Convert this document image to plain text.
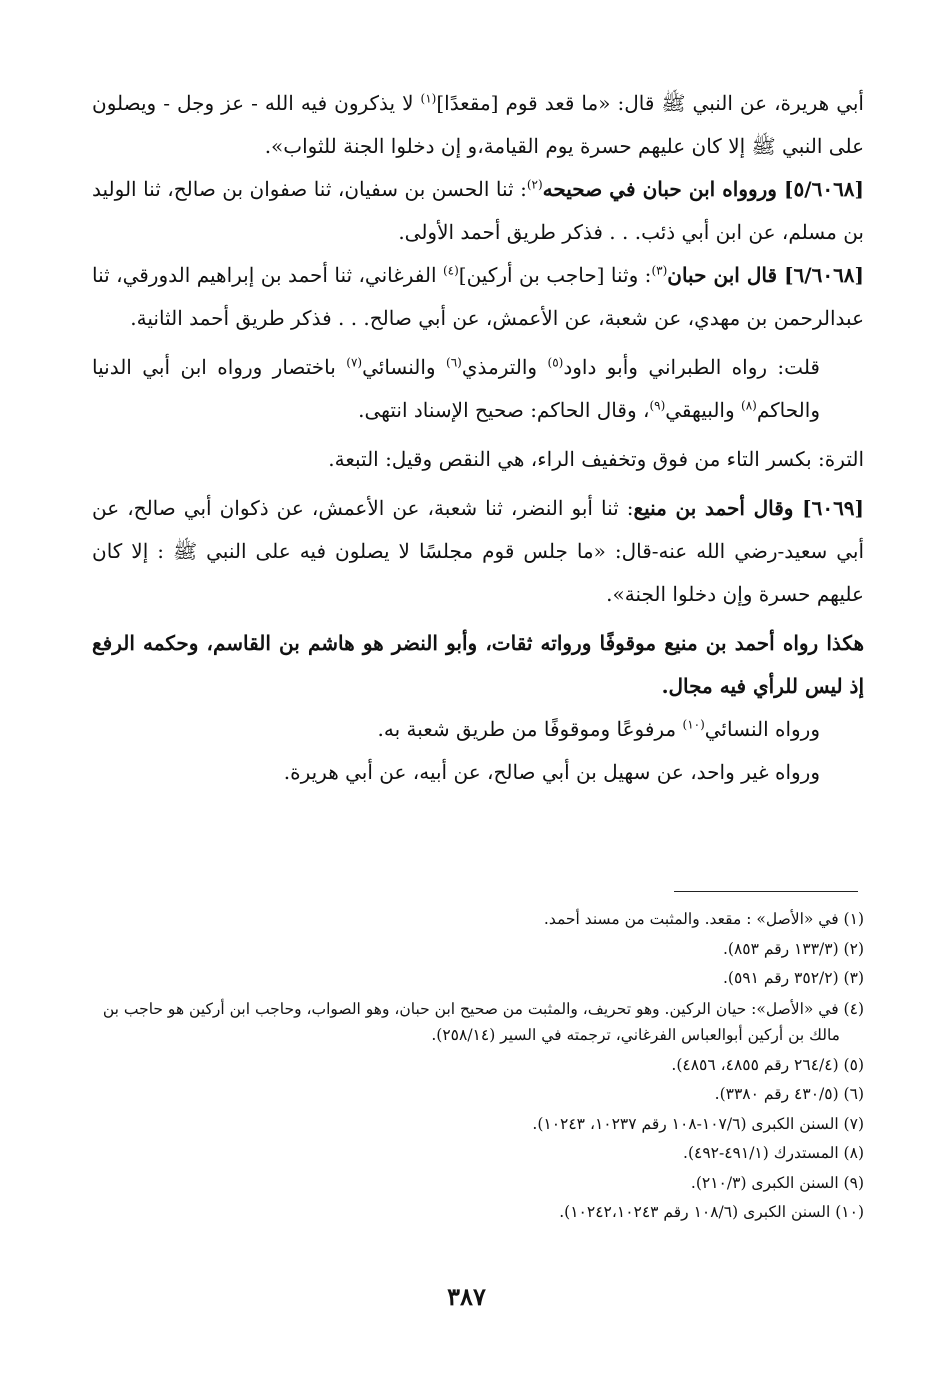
أبي هريرة، عن النبي ﷺ قال: «ما قعد قوم [مقعدًا]$^{(١)}$ لا يذكرون فيه الله - عز وجل - ويصلون على النبي ﷺ إلا كان عليهم حسرة يوم القيامة،و إن دخلوا الجنة للثواب».

[٥/٦٠٦٨] وروواه ابن حبان في صحيحه$^{(٢)}$: ثنا الحسن بن سفيان، ثنا صفوان بن صالح، ثنا الوليد بن مسلم، عن ابن أبي ذئب. . . فذكر طريق أحمد الأولى.

[٦/٦٠٦٨] قال ابن حبان$^{(٣)}$: وثنا [حاجب بن أركين]$^{(٤)}$ الفرغاني، ثنا أحمد بن إبراهيم الدورقي، ثنا عبدالرحمن بن مهدي، عن شعبة، عن الأعمش، عن أبي صالح. . . فذكر طريق أحمد الثانية.

قلت: رواه الطبراني وأبو داود$^{(٥)}$ والترمذي$^{(٦)}$ والنسائي$^{(٧)}$ باختصار ورواه ابن أبي الدنيا والحاكم$^{(٨)}$ والبيهقي$^{(٩)}$، وقال الحاكم: صحيح الإسناد انتهى.

الترة: بكسر التاء من فوق وتخفيف الراء، هي النقص وقيل: التبعة.

[٦٠٦٩] وقال أحمد بن منيع: ثنا أبو النضر، ثنا شعبة، عن الأعمش، عن ذكوان أبي صالح، عن أبي سعيد-رضي الله عنه-قال: «ما جلس قوم مجلسًا لا يصلون فيه على النبي ﷺ : إلا كان عليهم حسرة وإن دخلوا الجنة».

هكذا رواه أحمد بن منيع موقوفًا ورواته ثقات، وأبو النضر هو هاشم بن القاسم، وحكمه الرفع إذ ليس للرأي فيه مجال.

ورواه النسائي$^{(١٠)}$ مرفوعًا وموقوفًا من طريق شعبة به.

ورواه غير واحد، عن سهيل بن أبي صالح، عن أبيه، عن أبي هريرة.

(١) في «الأصل» : مقعد. والمثبت من مسند أحمد.

(٢) (١٣٣/٣ رقم ٨٥٣).

(٣) (٣٥٢/٢ رقم ٥٩١).

(٤) في «الأصل»: حيان الركين. وهو تحريف، والمثبت من صحيح ابن حبان، وهو الصواب، وحاجب ابن أركين هو حاجب بن مالك بن أركين أبوالعباس الفرغاني، ترجمته في السير (٢٥٨/١٤).

(٥) (٢٦٤/٤ رقم ٤٨٥٥، ٤٨٥٦).

(٦) (٤٣٠/٥ رقم ٣٣٨٠).

(٧) السنن الكبرى (١٠٧/٦-١٠٨ رقم ١٠٢٣٧، ١٠٢٤٣).

(٨) المستدرك (٤٩١/١-٤٩٢).

(٩) السنن الكبرى (٢١٠/٣).

(١٠) السنن الكبرى (١٠٨/٦ رقم ١٠٢٤٢،١٠٢٤٣).

٣٨٧
